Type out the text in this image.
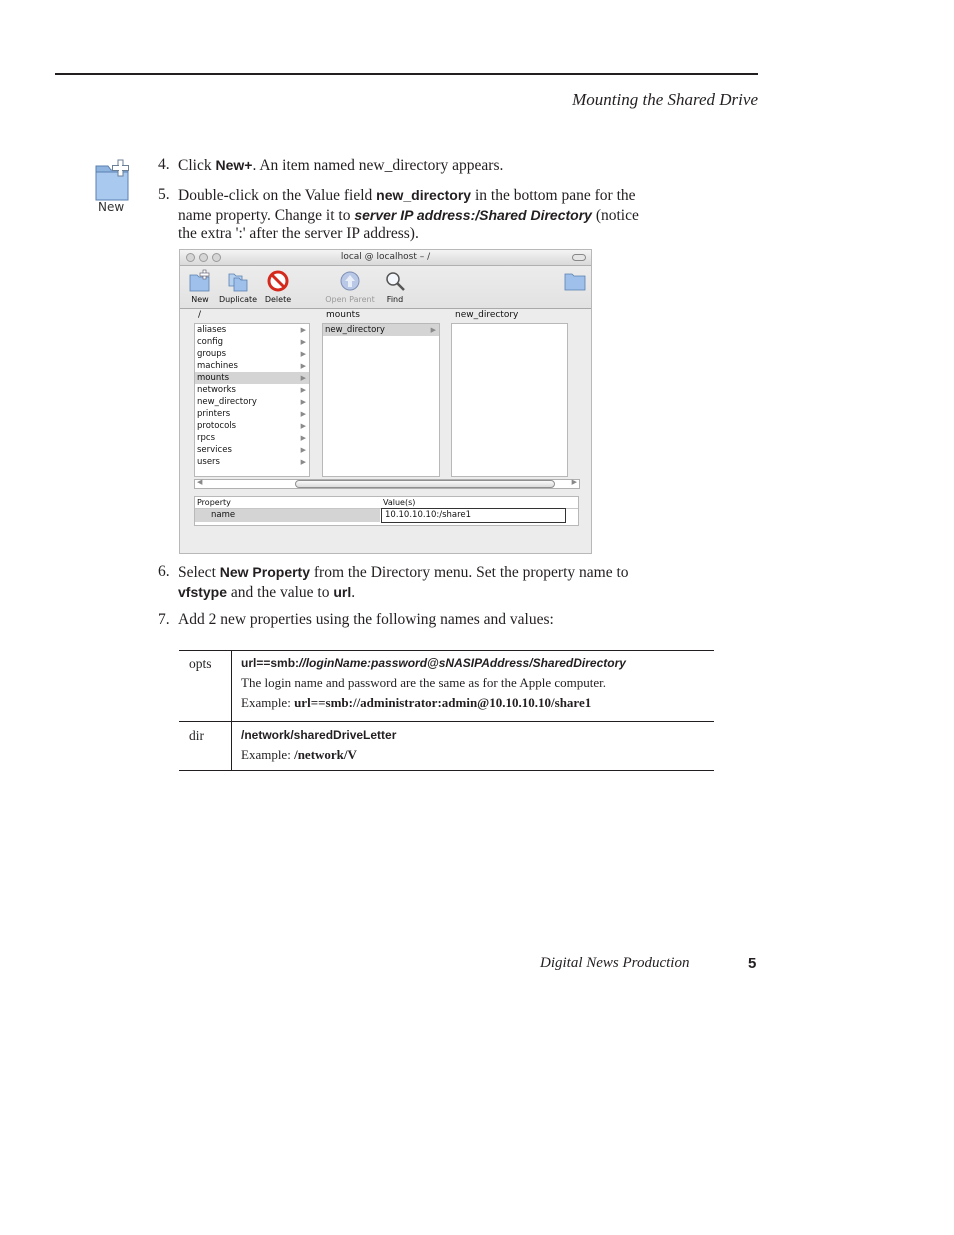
Mounting the Shared Drive
New
4. Click New+. An item named new_directory appears.
5. Double-click on the Value field new_directory in the bottom pane for the
name property. Change it to server IP address:/Shared Directory (notice
the extra ':' after the server IP address).
local @ localhost – /
New	Duplicate Delete	Open Parent	Find
/	mounts	new_directory
aliases	▶
config	▶
groups	▶
machines	▶
mounts	▶
networks	▶
new_directory	▶
printers	▶
protocols	▶
rpcs	▶
services	▶
users	▶
new_directory	▶
◀	▶
Property	Value(s)
name	10.10.10.10:/share1
6. Select New Property from the Directory menu. Set the property name to
vfstype and the value to url.
7. Add 2 new properties using the following names and values:
opts url==smb://loginName:password@sNASIPAddress/SharedDirectory
The login name and password are the same as for the Apple computer.
Example: url==smb://administrator:admin@10.10.10.10/share1
dir	/network/sharedDriveLetter
Example: /network/V
Digital News Production	5
